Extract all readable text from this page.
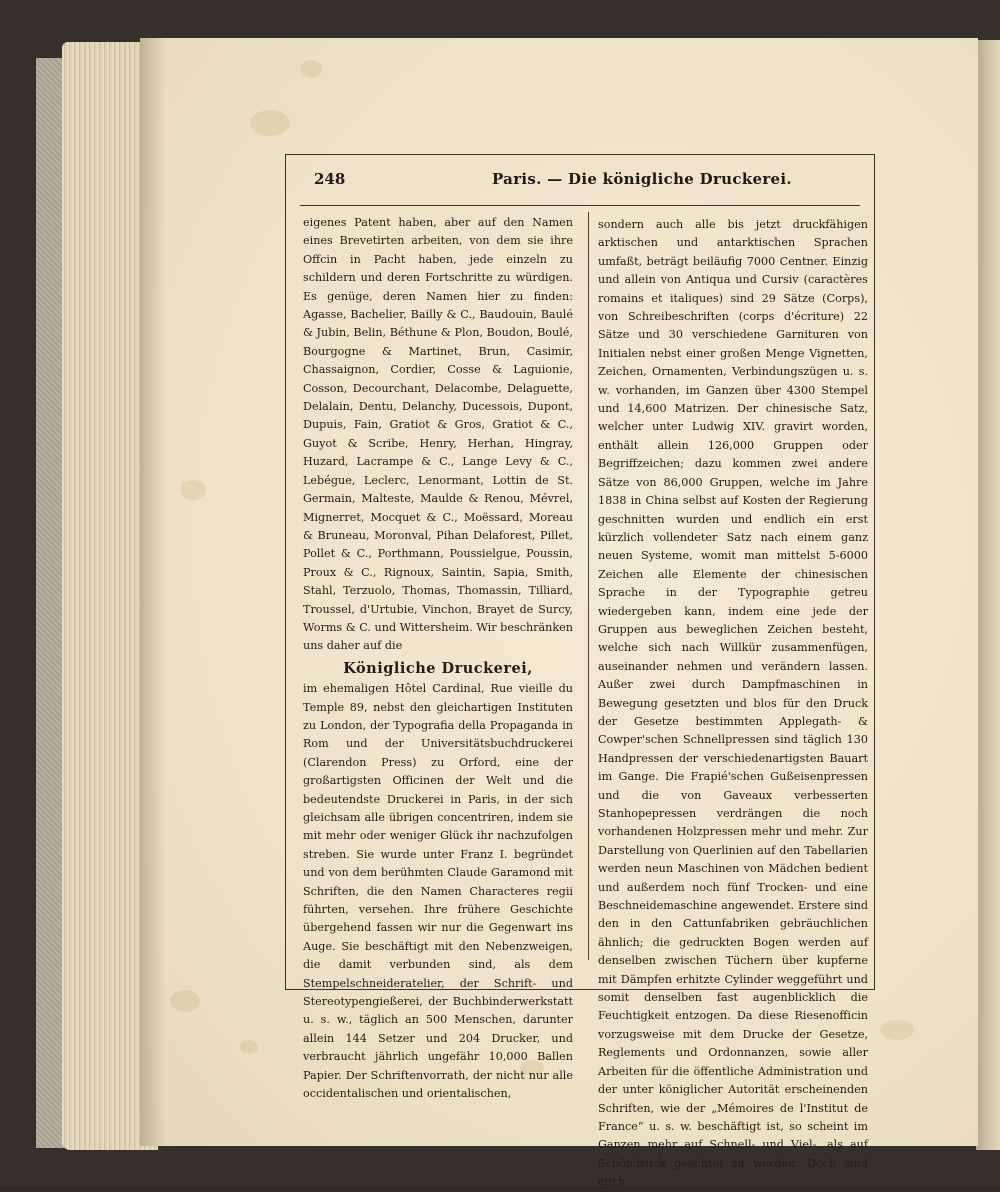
248	Paris. — Die königliche Druckerei.

eigenes Patent haben, aber auf den Namen eines Brevetirten arbeiten, von dem sie ihre Offcin in Pacht haben, jede einzeln zu schildern und deren Fortschritte zu würdigen. Es genüge, deren Namen hier zu finden: Agasse, Bachelier, Bailly & C., Baudouin, Baulé & Jubin, Belin, Béthune & Plon, Boudon, Boulé, Bourgogne & Martinet, Brun, Casimir, Chassaignon, Cordier, Cosse & Laguionie, Cosson, Decourchant, Delacombe, Delaguette, Delalain, Dentu, Delanchy, Ducessois, Dupont, Dupuis, Fain, Gratiot & Gros, Gratiot & C., Guyot & Scribe, Henry, Herhan, Hingray, Huzard, Lacrampe & C., Lange Levy & C., Lebégue, Leclerc, Lenormant, Lottin de St. Germain, Malteste, Maulde & Renou, Mévrel, Mignerret, Mocquet & C., Moëssard, Moreau & Bruneau, Moronval, Pihan Delaforest, Pillet, Pollet & C., Porthmann, Poussielgue, Poussin, Proux & C., Rignoux, Saintin, Sapia, Smith, Stahl, Terzuolo, Thomas, Thomassin, Tilliard, Troussel, d'Urtubie, Vinchon, Brayet de Surcy, Worms & C. und Wittersheim. Wir beschränken uns daher auf die

Königliche Druckerei,

im ehemaligen Hôtel Cardinal, Rue vieille du Temple 89, nebst den gleichartigen Instituten zu London, der Typografia della Propaganda in Rom und der Universitätsbuchdruckerei (Clarendon Press) zu Orford, eine der großartigsten Officinen der Welt und die bedeutendste Druckerei in Paris, in der sich gleichsam alle übrigen concentriren, indem sie mit mehr oder weniger Glück ihr nachzufolgen streben. Sie wurde unter Franz I. begründet und von dem berühmten Claude Garamond mit Schriften, die den Namen Characteres regii führten, versehen. Ihre frühere Geschichte übergehend fassen wir nur die Gegenwart ins Auge. Sie beschäftigt mit den Nebenzweigen, die damit verbunden sind, als dem Stempelschneideratelier, der Schrift- und Stereotypengießerei, der Buchbinderwerkstatt u. s. w., täglich an 500 Menschen, darunter allein 144 Setzer und 204 Drucker, und verbraucht jährlich ungefähr 10,000 Ballen Papier. Der Schriftenvorrath, der nicht nur alle occidentalischen und orientalischen,

sondern auch alle bis jetzt druckfähigen arktischen und antarktischen Sprachen umfaßt, beträgt beiläufig 7000 Centner. Einzig und allein von Antiqua und Cursiv (caractères romains et italiques) sind 29 Sätze (Corps), von Schreibeschriften (corps d'écriture) 22 Sätze und 30 verschiedene Garnituren von Initialen nebst einer großen Menge Vignetten, Zeichen, Ornamenten, Verbindungszügen u. s. w. vorhanden, im Ganzen über 4300 Stempel und 14,600 Matrizen. Der chinesische Satz, welcher unter Ludwig XIV. gravirt worden, enthält allein 126,000 Gruppen oder Begriffzeichen; dazu kommen zwei andere Sätze von 86,000 Gruppen, welche im Jahre 1838 in China selbst auf Kosten der Regierung geschnitten wurden und endlich ein erst kürzlich vollendeter Satz nach einem ganz neuen Systeme, womit man mittelst 5-6000 Zeichen alle Elemente der chinesischen Sprache in der Typographie getreu wiedergeben kann, indem eine jede der Gruppen aus beweglichen Zeichen besteht, welche sich nach Willkür zusammenfügen, auseinander nehmen und verändern lassen. Außer zwei durch Dampfmaschinen in Bewegung gesetzten und blos für den Druck der Gesetze bestimmten Applegath- & Cowper'schen Schnellpressen sind täglich 130 Handpressen der verschiedenartigsten Bauart im Gange. Die Frapié'schen Gußeisenpressen und die von Gaveaux verbesserten Stanhopepressen verdrängen die noch vorhandenen Holzpressen mehr und mehr. Zur Darstellung von Querlinien auf den Tabellarien werden neun Maschinen von Mädchen bedient und außerdem noch fünf Trocken- und eine Beschneidemaschine angewendet. Erstere sind den in den Cattunfabriken gebräuchlichen ähnlich; die gedruckten Bogen werden auf denselben zwischen Tüchern über kupferne mit Dämpfen erhitzte Cylinder weggeführt und somit denselben fast augenblicklich die Feuchtigkeit entzogen. Da diese Riesenofficin vorzugsweise mit dem Drucke der Gesetze, Reglements und Ordonnanzen, sowie aller Arbeiten für die öffentliche Administration und der unter königlicher Autorität erscheinenden Schriften, wie der „Mémoires de l'Institut de France“ u. s. w. beschäftigt ist, so scheint im Ganzen mehr auf Schnell- und Viel-, als auf Schöndruck geachtet zu werden. Doch sind auch
